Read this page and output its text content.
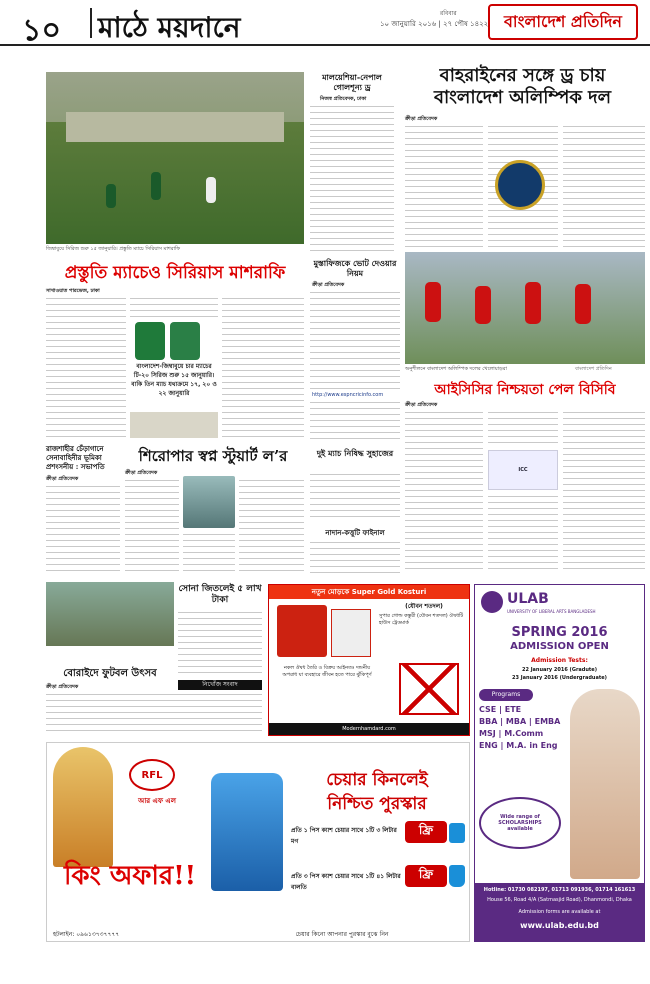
১০ মাঠে ময়দানে	রবিবার
১০ জানুয়ারি ২০১৬ | ২৭ পৌষ ১৪২২ বাংলাদেশ প্রতিদিন
জিম্বাবুয়ে সিরিজ শুরু ১৫ জানুয়ারি। প্রস্তুতি ম্যাচে সিরিয়াস মাশরাফি
মালয়েশিয়া-নেপাল গোলশূন্য ড্র
নিজস্ব প্রতিবেদক, ঢাকা
বাহরাইনের সঙ্গে ড্র চায়
বাংলাদেশ অলিম্পিক দল
ক্রীড়া প্রতিবেদক
প্রস্তুতি ম্যাচেও সিরিয়াস মাশরাফি
সাখাওয়াত পারভেজ, ঢাকা
বাংলাদেশ-জিম্বাবুয়ে চার ম্যাচের টি-২০ সিরিজ শুরু ১৫ জানুয়ারি। বাকি তিন ম্যাচ যথাক্রমে ১৭, ২০ ও ২২ জানুয়ারি
মুস্তাফিজকে ভোট দেওয়ার নিয়ম
ক্রীড়া প্রতিবেদক
http://www.espncricinfo.com
অনুশীলনে বাংলাদেশ অলিম্পিক দলের খেলোয়াড়রা	বাংলাদেশ প্রতিদিন
দুই ম্যাচ নিষিদ্ধ সুহাজের
আইসিসির নিশ্চয়তা পেল বিসিবি
ক্রীড়া প্রতিবেদক
ICC
রাজশাহীর চেঁড়াগানে সেনাবাহিনীর ভূমিকা প্রশংসনীয় : সভাপতি
ক্রীড়া প্রতিবেদক
শিরোপার স্বপ্ন স্টুয়ার্ট ল’র
ক্রীড়া প্রতিবেদক
নাদান-কত্তুটি ফাইনাল
সোনা জিতলেই ৫ লাখ টাকা
নিখোঁজ সংবাদ
বোরাইদে ফুটবল উৎসব
ক্রীড়া প্রতিবেদক
নতুন মোড়কে Super Gold Kosturi
(যৌবন শতদল)
সুপার গোল্ড কস্তুরী (যৌবন শতদল) ঔষধটি হাউস ট্রেডমার্ক
নকল ঔষধ তৈরি ও বিক্রয় আইনতঃ দন্ডনীয় অপরাধ যা ব্যবহারে জীবন হতে পারে ঝুঁকিপূর্ণ
Modernhamdard.com
ULAB
UNIVERSITY OF LIBERAL ARTS BANGLADESH
SPRING 2016
ADMISSION OPEN
Admission Tests:
22 January 2016 (Gradute)
23 January 2016 (Undergraduate)
Programs
CSE | ETE
BBA | MBA | EMBA
MSJ | M.Comm
ENG | M.A. in Eng
Wide range of SCHOLARSHIPS available
Hotline: 01730 082197, 01713 091936, 01714 161613
House 56, Road 4/A (Satmasjid Road), Dhanmondi, Dhaka
Admission forms are available at
www.ulab.edu.bd
RFL
আর এফ এল
কিং অফার!!
চেয়ার কিনলেই
নিশ্চিত পুরস্কার
প্রতি ১ পিস ক্যাশ চেয়ার সাথে ১টি ৩ লিটার মগ
ফ্রি
প্রতি ৩ পিস ক্যাশ চেয়ার সাথে ১টি ৪১ লিটার বালতি
ফ্রি
হটলাইন: ০৯৬১৩৭৩৭৭৭৭	চেয়ার কিনো আপনার পুরস্কার বুঝে নিন
